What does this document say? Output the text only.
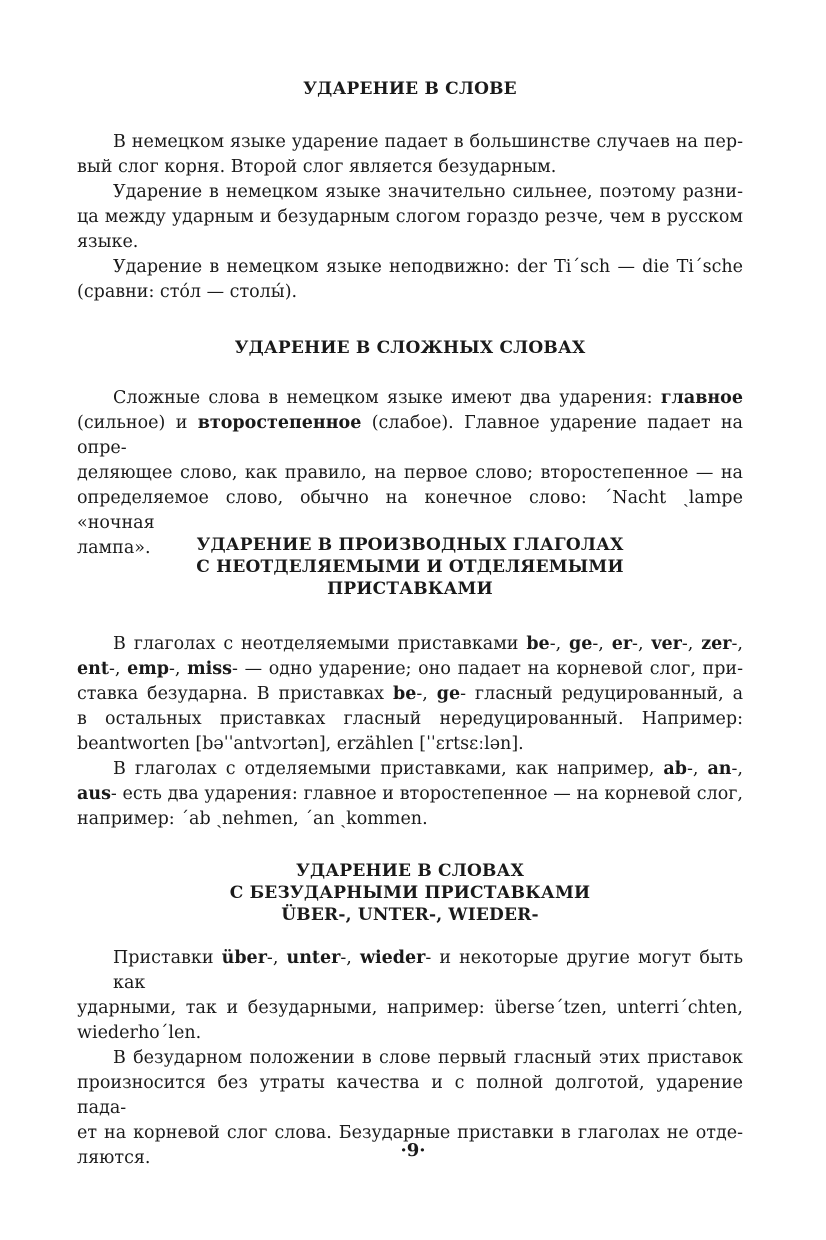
УДАРЕНИЕ В СЛОВЕ

В немецком языке ударение падает в большинстве случаев на пер-
вый слог корня. Второй слог является безударным.

Ударение в немецком языке значительно сильнее, поэтому разни-
ца между ударным и безударным слогом гораздо резче, чем в русском
языке.

Ударение в немецком языке неподвижно: der Ti´sch — die Ti´sche
(сравни: сто́л — столы́).

УДАРЕНИЕ В СЛОЖНЫХ СЛОВАХ

Сложные слова в немецком языке имеют два ударения: главное
(сильное) и второстепенное (слабое). Главное ударение падает на опре-
деляющее слово, как правило, на первое слово; второстепенное — на
определяемое слово, обычно на конечное слово: ´Nacht ˏlampe «ночная
лампа».	УДАРЕНИЕ В ПРОИЗВОДНЫХ ГЛАГОЛАХ
С НЕОТДЕЛЯЕМЫМИ И ОТДЕЛЯЕМЫМИ
ПРИСТАВКАМИ

В глаголах с неотделяемыми приставками be-, ge-, er-, ver-, zer-,
ent-, emp-, miss- — одно ударение; оно падает на корневой слог, при-
ставка безударна. В приставках be-, ge- гласный редуцированный, а
в остальных приставках гласный нередуцированный. Например:
beantworten [bəˈˈantvɔrtən], erzählen [ˈˈɛrtsɛːlən].

В глаголах с отделяемыми приставками, как например, ab-, an-,
aus- есть два ударения: главное и второстепенное — на корневой слог,
например: ´ab ˏnehmen, ´an ˏkommen.

УДАРЕНИЕ В СЛОВАХ
С БЕЗУДАРНЫМИ ПРИСТАВКАМИ
ÜBER-, UNTER-, WIEDER-

Приставки über-, unter-, wieder- и некоторые другие могут быть как
ударными, так и безударными, например: überse´tzen, unterri´chten,
wiederho´len.

В безударном положении в слове первый гласный этих приставок
произносится без утраты качества и с полной долготой, ударение пада-
ет на корневой слог слова. Безударные приставки в глаголах не отде-
ляются.	·9·
